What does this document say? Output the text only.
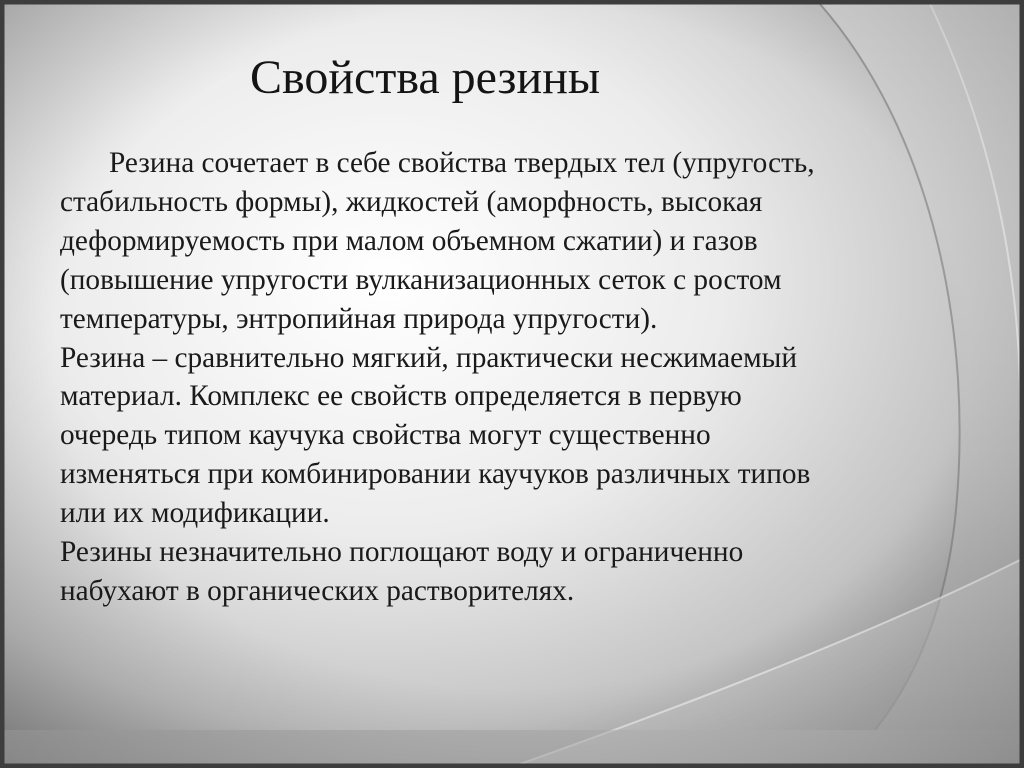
Свойства резины
Резина сочетает в себе свойства твердых тел (упругость,
стабильность формы), жидкостей (аморфность, высокая
деформируемость при малом объемном сжатии) и газов
(повышение упругости вулканизационных сеток с ростом
температуры, энтропийная природа упругости).
Резина – сравнительно мягкий, практически несжимаемый
материал. Комплекс ее свойств определяется в первую
очередь типом каучука свойства могут существенно
изменяться при комбинировании каучуков различных типов
или их модификации.
Резины незначительно поглощают воду и ограниченно
набухают в органических растворителях.
